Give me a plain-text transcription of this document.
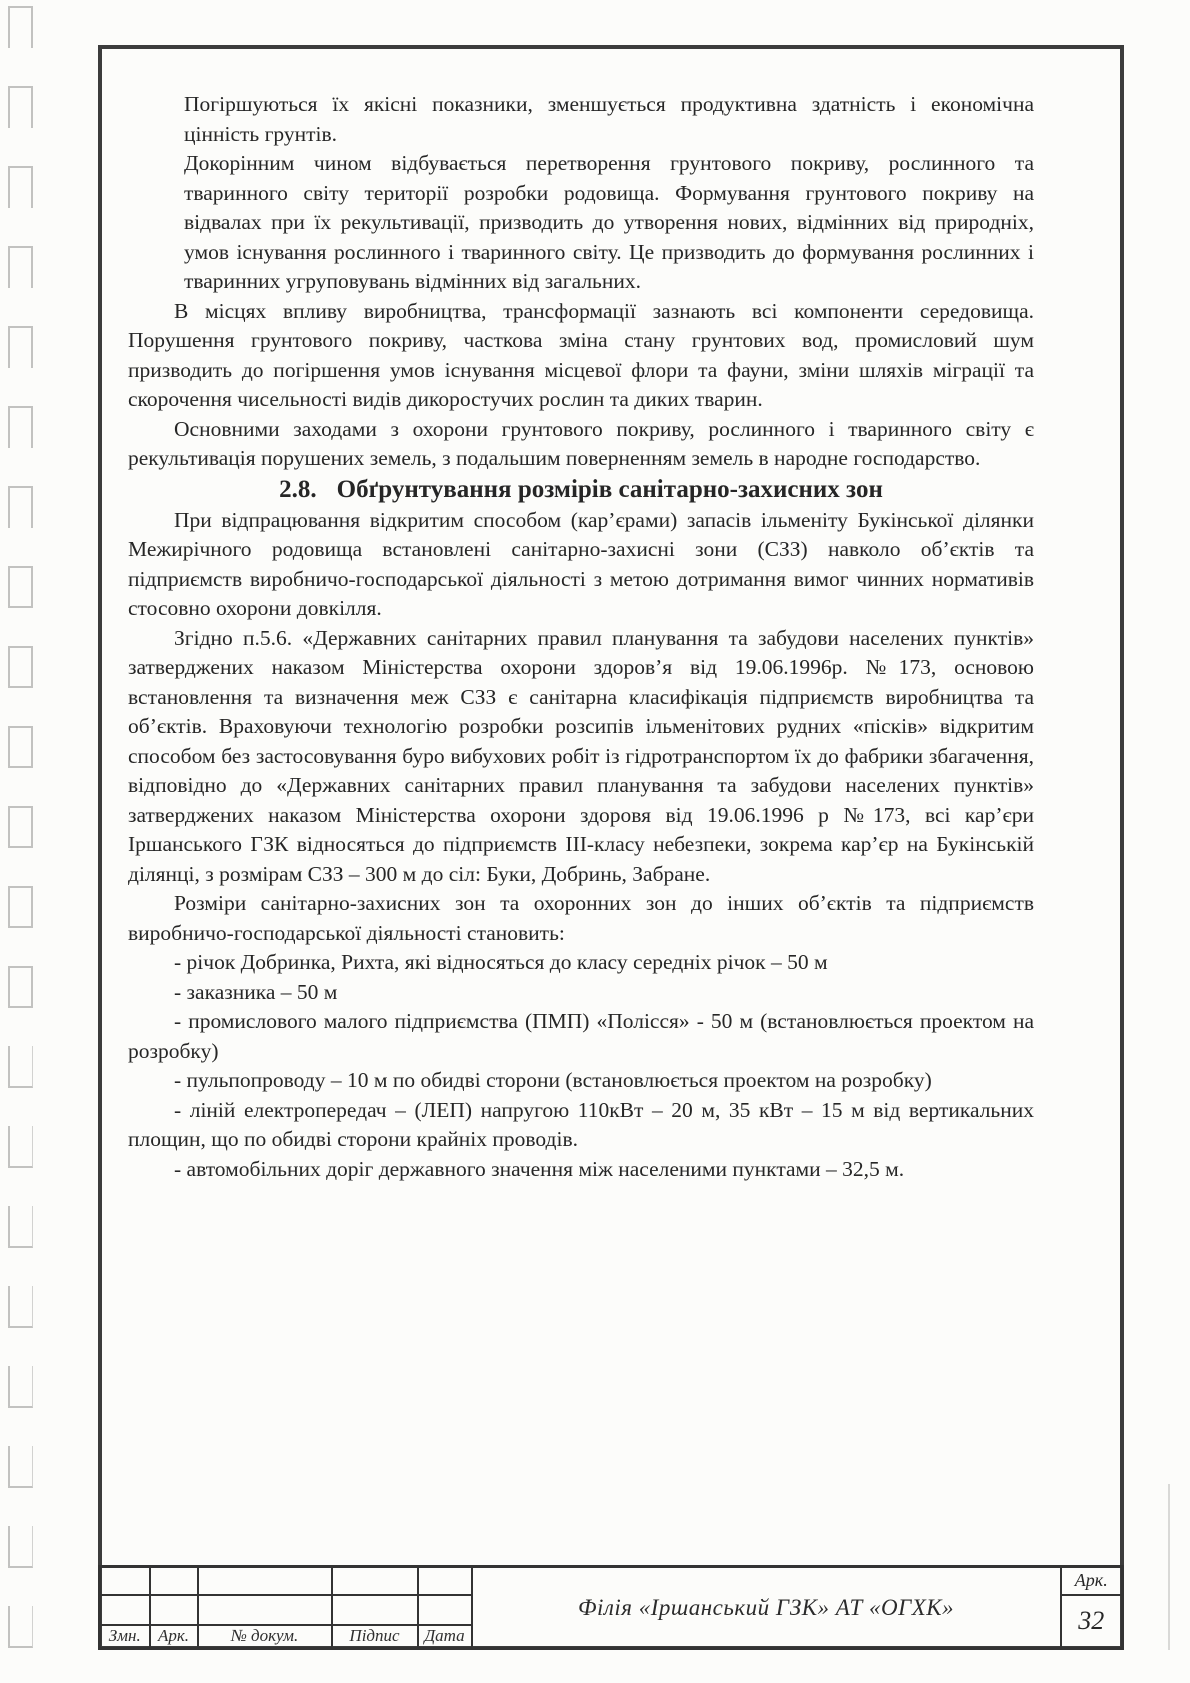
Погіршуються їх якісні показники, зменшується продуктивна здатність і економічна цінність грунтів.

Докорінним чином відбувається перетворення грунтового покриву, рослинного та тваринного світу території розробки родовища. Формування грунтового покриву на відвалах при їх рекультивації, призводить до утворення нових, відмінних від природніх, умов існування рослинного і тваринного світу. Це призводить до формування рослинних і тваринних угруповувань відмінних від загальних.

В місцях впливу виробництва, трансформації зазнають всі компоненти середовища. Порушення грунтового покриву, часткова зміна стану грунтових вод, промисловий шум призводить до погіршення умов існування місцевої флори та фауни, зміни шляхів міграції та скорочення чисельності видів дикоростучих рослин та диких тварин.

Основними заходами з охорони грунтового покриву, рослинного і тваринного світу є рекультивація порушених земель, з подальшим поверненням земель в народне господарство.

2.8. Обґрунтування розмірів санітарно-захисних зон

При відпрацювання відкритим способом (кар’єрами) запасів ільменіту Букінської ділянки Межирічного родовища встановлені санітарно-захисні зони (СЗЗ) навколо об’єктів та підприємств виробничо-господарської діяльності з метою дотримання вимог чинних нормативів стосовно охорони довкілля.

Згідно п.5.6. «Державних санітарних правил планування та забудови населених пунктів» затверджених наказом Міністерства охорони здоров’я від 19.06.1996р. №173, основою встановлення та визначення меж СЗЗ є санітарна класифікація підприємств виробництва та об’єктів. Враховуючи технологію розробки розсипів ільменітових рудних «пісків» відкритим способом без застосовування буро вибухових робіт із гідротранспортом їх до фабрики збагачення, відповідно до «Державних санітарних правил планування та забудови населених пунктів» затверджених наказом Міністерства охорони здоровя від 19.06.1996 р №173, всі кар’єри Іршанського ГЗК відносяться до підприємств ІІІ-класу небезпеки, зокрема кар’єр на Букінській ділянці, з розмірам СЗЗ – 300 м до сіл: Буки, Добринь, Забране.

Розміри санітарно-захисних зон та охоронних зон до інших об’єктів та підприємств виробничо-господарської діяльності становить:

- річок Добринка, Рихта, які відносяться до класу середніх річок – 50 м

- заказника – 50 м

- промислового малого підприємства (ПМП) «Полісся» - 50 м (встановлюється проектом на розробку)

- пульпопроводу – 10 м по обидві сторони (встановлюється проектом на розробку)

- ліній електропередач – (ЛЕП) напругою 110кВт – 20 м, 35 кВт – 15 м від вертикальних площин, що по обидві сторони крайніх проводів.

- автомобільних доріг державного значення між населеними пунктами – 32,5 м.

					Філія «Іршанський ГЗК» АТ «ОГХК»	Арк.
						32
Змн.	Арк.	№ докум.	Підпис	Дата		
